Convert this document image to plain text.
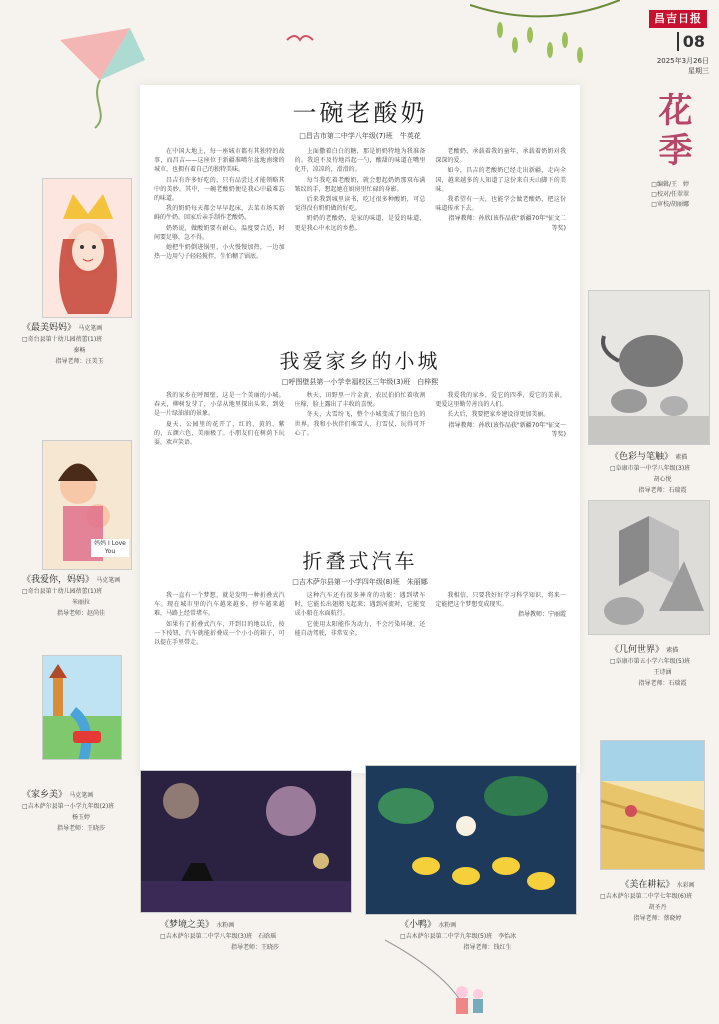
昌吉日报
08
2025年3月26日
星期三
花季
□编辑/王　婷
□校对/任翠翠
□审校/胡丽娜
一碗老酸奶
□昌吉市第二中学八年级(7)班　牛英花

在中国大地上，每一座城市都有其独特的故事，而昌吉——这座位于新疆准噶尔盆地南缘的城市，也拥有着自己的独特美味。

昌吉有许多好吃的，只有品尝过才能领略其中的美妙。其中，一碗老酸奶便是我心中最难忘的味道。

我的奶奶每天都会早早起床，去菜市场买新鲜的牛奶，回家后亲手制作老酸奶。

奶奶说，做酸奶要有耐心，温度要合适，时间要足够，急不得。

她把牛奶倒进锅里，小火慢慢加热，一边加热一边用勺子轻轻搅拌，生怕糊了锅底。

上面撒着白白的糖，那是奶奶特地为我准备的。我迫不及待地舀起一勺，酸甜的味道在嘴里化开，凉凉的，滑滑的。

每当我吃着老酸奶，就会想起奶奶那双布满皱纹的手，想起她在厨房里忙碌的身影。

后来我到城里读书，吃过很多种酸奶，可总觉得没有奶奶做的好吃。

奶奶的老酸奶，是家的味道，是爱的味道，更是我心中永远的乡愁。

老酸奶，承载着我的童年，承载着奶奶对我深深的爱。

如今，昌吉的老酸奶已经走出新疆，走向全国，越来越多的人知道了这份来自天山脚下的美味。

我希望有一天，也能学会做老酸奶，把这份味道传承下去。

指导教师：孙欣(该作品获"新疆70年"征文二等奖)

我爱家乡的小城
□呼图壁县第一小学幸福校区三年级(3)班　白梓熙

我的家乡在呼图壁，这是一个美丽的小城。春天，柳树发芽了，小草从地里探出头来，到处是一片绿油油的景象。

夏天，公园里的花开了，红的、黄的、紫的，五颜六色，美丽极了。小朋友们在树荫下玩耍，欢声笑语。

秋天，田野里一片金黄，农民伯伯忙着收割庄稼，脸上露出了丰收的喜悦。

冬天，大雪纷飞，整个小城变成了银白色的世界。我和小伙伴们堆雪人、打雪仗，玩得可开心了。

我爱我的家乡，爱它的四季，爱它的美景，更爱这里勤劳善良的人们。

长大后，我要把家乡建设得更加美丽。

指导教师：孙欣(该作品获"新疆70年"征文一等奖)

折叠式汽车
□吉木萨尔县第一小学四年级(8)班　朱丽娜

我一直有一个梦想，就是发明一种折叠式汽车。现在城市里的汽车越来越多，停车越来越难，马路上经常堵车。

如果有了折叠式汽车，开到目的地以后，按一下按钮，汽车就能折叠成一个小小的箱子，可以提在手里带走。

这种汽车还有很多神奇的功能：遇到堵车时，它能长出翅膀飞起来；遇到河流时，它能变成小船在水面航行。

它使用太阳能作为动力，不会污染环境，还能自动驾驶，非常安全。

我相信，只要我好好学习科学知识，将来一定能把这个梦想变成现实。

指导教师：宁丽霞

《最美妈妈》 马克笔画
□奇台县第十幼儿园蓓蕾(1)班
秦畅
指导老师：汪美玉
妈妈 I Love You
《我爱你，妈妈》 马克笔画
□奇台县第十幼儿园蓓蕾(1)班
米丽拉
指导老师：赵尚佳
《家乡美》 马克笔画
□吉木萨尔县第一小学九年级(2)班
杨玉婷
指导老师：王晓莎
《梦境之美》 水粉画
□吉木萨尔县第二中学八年级(3)班　石晗瑶
指导老师：王晓莎
《小鸭》 水粉画
□吉木萨尔县第二中学九年级(5)班　李怡冰
指导老师：钱红生
《色彩与笔触》 素描
□阜康市第一中学八年级(3)班
胡心悦
指导老师：石瑞霞
《几何世界》 素描
□阜康市第五小学六年级(5)班
王诗涵
指导老师：石瑞霞
《美在耕耘》 水彩画
□吉木萨尔县第二中学七年级(6)班
胡圣丹
指导老师：蔡晓婷
